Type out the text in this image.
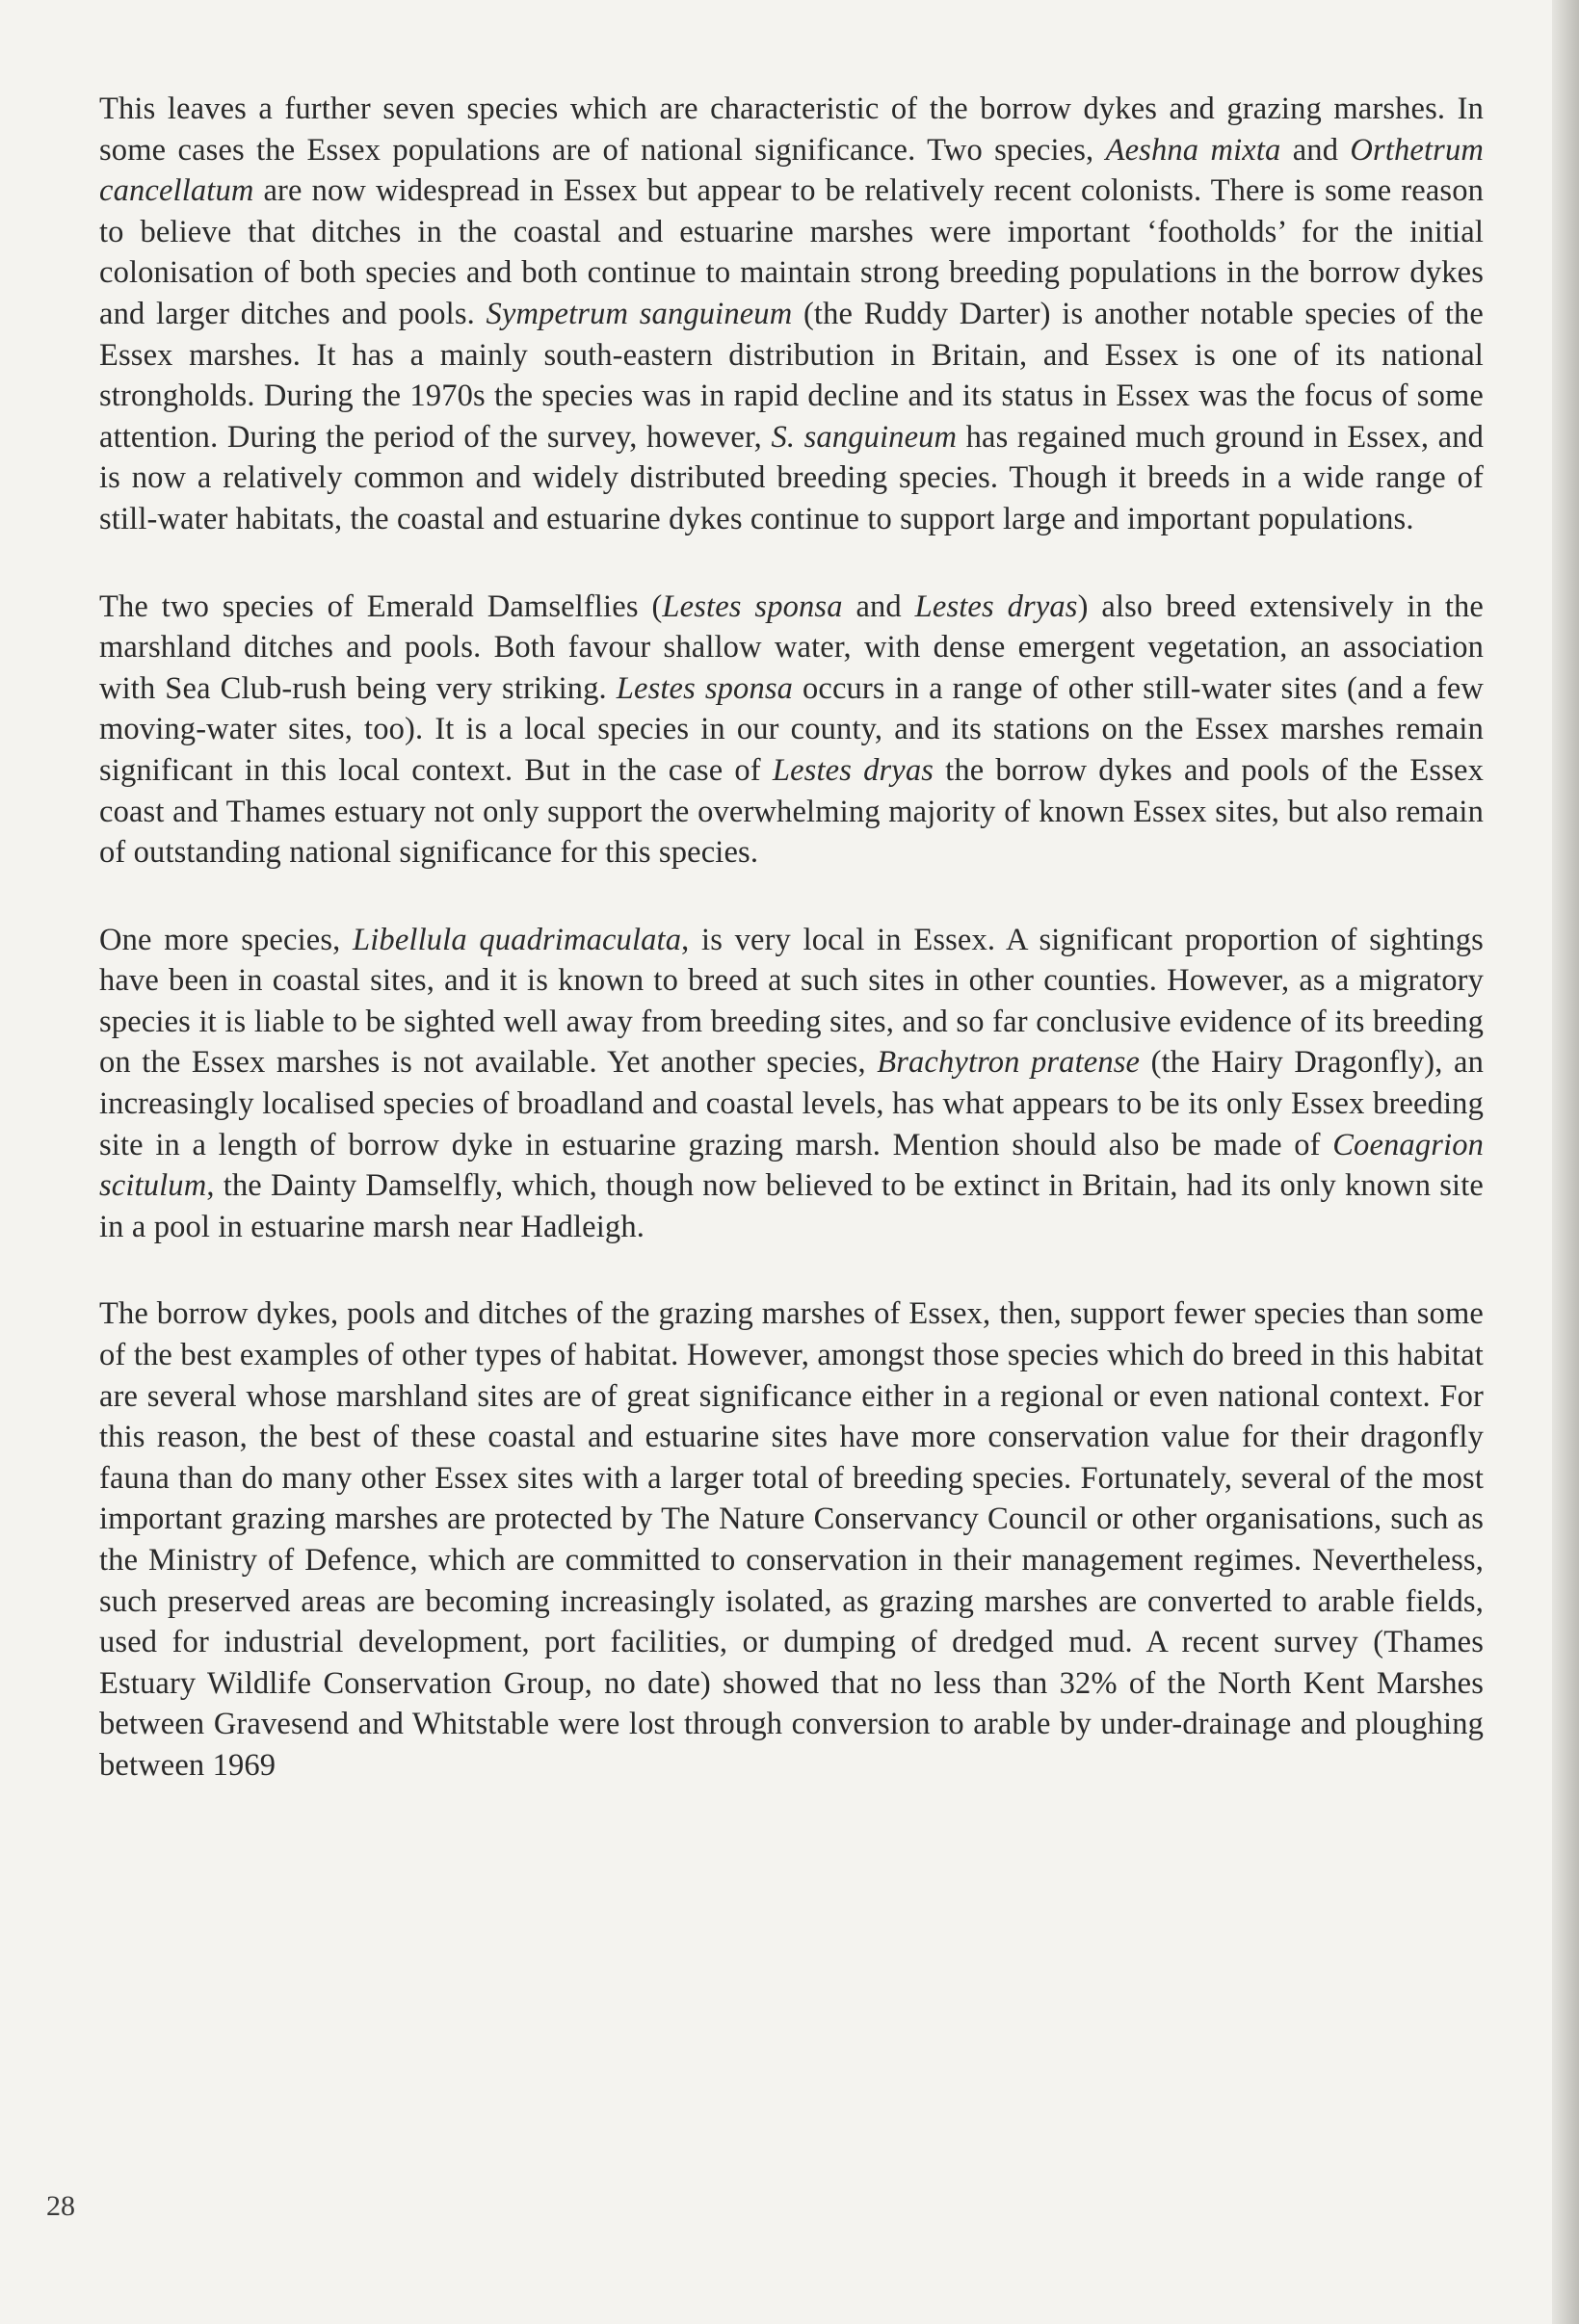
This leaves a further seven species which are characteristic of the borrow dykes and grazing marshes. In some cases the Essex populations are of national significance. Two species, Aeshna mixta and Orthetrum cancellatum are now widespread in Essex but appear to be relatively recent colonists. There is some reason to believe that ditches in the coastal and estuarine marshes were important ‘footholds’ for the initial colonisation of both species and both continue to maintain strong breeding populations in the borrow dykes and larger ditches and pools. Sympetrum sanguineum (the Ruddy Darter) is another notable species of the Essex marshes. It has a mainly south-eastern distribution in Britain, and Essex is one of its national strongholds. During the 1970s the species was in rapid decline and its status in Essex was the focus of some attention. During the period of the survey, however, S. sanguineum has regained much ground in Essex, and is now a relatively common and widely distributed breeding species. Though it breeds in a wide range of still-water habitats, the coastal and estuarine dykes continue to support large and important populations.

The two species of Emerald Damselflies (Lestes sponsa and Lestes dryas) also breed extensively in the marshland ditches and pools. Both favour shallow water, with dense emergent vegetation, an association with Sea Club-rush being very striking. Lestes sponsa occurs in a range of other still-water sites (and a few moving-water sites, too). It is a local species in our county, and its stations on the Essex marshes remain significant in this local context. But in the case of Lestes dryas the borrow dykes and pools of the Essex coast and Thames estuary not only support the overwhelming majority of known Essex sites, but also remain of outstanding national significance for this species.

One more species, Libellula quadrimaculata, is very local in Essex. A significant proportion of sightings have been in coastal sites, and it is known to breed at such sites in other counties. However, as a migratory species it is liable to be sighted well away from breeding sites, and so far conclusive evidence of its breeding on the Essex marshes is not available. Yet another species, Brachytron pratense (the Hairy Dragonfly), an increasingly localised species of broadland and coastal levels, has what appears to be its only Essex breeding site in a length of borrow dyke in estuarine grazing marsh. Mention should also be made of Coenagrion scitulum, the Dainty Damselfly, which, though now believed to be extinct in Britain, had its only known site in a pool in estuarine marsh near Hadleigh.

The borrow dykes, pools and ditches of the grazing marshes of Essex, then, support fewer species than some of the best examples of other types of habitat. However, amongst those species which do breed in this habitat are several whose marshland sites are of great significance either in a regional or even national context. For this reason, the best of these coastal and estuarine sites have more conservation value for their dragonfly fauna than do many other Essex sites with a larger total of breeding species. Fortunately, several of the most important grazing marshes are protected by The Nature Conservancy Council or other organisations, such as the Ministry of Defence, which are committed to conservation in their management regimes. Nevertheless, such preserved areas are becoming increasingly isolated, as grazing marshes are converted to arable fields, used for industrial development, port facilities, or dumping of dredged mud. A recent survey (Thames Estuary Wildlife Conservation Group, no date) showed that no less than 32% of the North Kent Marshes between Gravesend and Whitstable were lost through conversion to arable by under-drainage and ploughing between 1969

28
